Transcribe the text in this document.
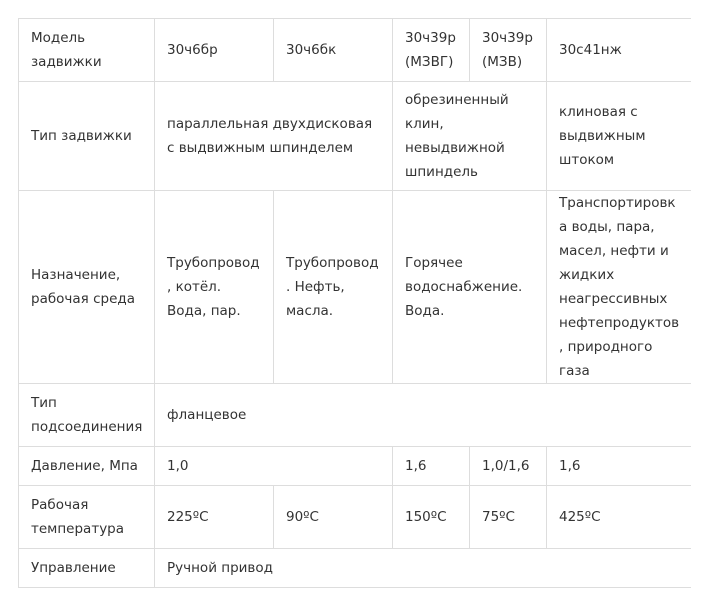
Модель задвижки	30ч6бр	30ч6бк	30ч39р (МЗВГ)	30ч39р (МЗВ)	30с41нж
Тип задвижки	параллельная двухдисковая с выдвижным шпинделем		обрезиненный клин, невыдвижной шпиндель		клиновая с выдвижным штоком
Назначение, рабочая среда	Трубопровод, котёл. Вода, пар.	Трубопровод. Нефть, масла.	Горячее водоснабжение. Вода.		Транспортировка воды, пара, масел, нефти и жидких неагрессивных нефтепродуктов, природного газа
Тип подсоединения	фланцевое				
Давление, Мпа	1,0		1,6	1,0/1,6	1,6
Рабочая температура	225ºС	90ºС	150ºС	75ºС	425ºС
Управление	Ручной привод				
